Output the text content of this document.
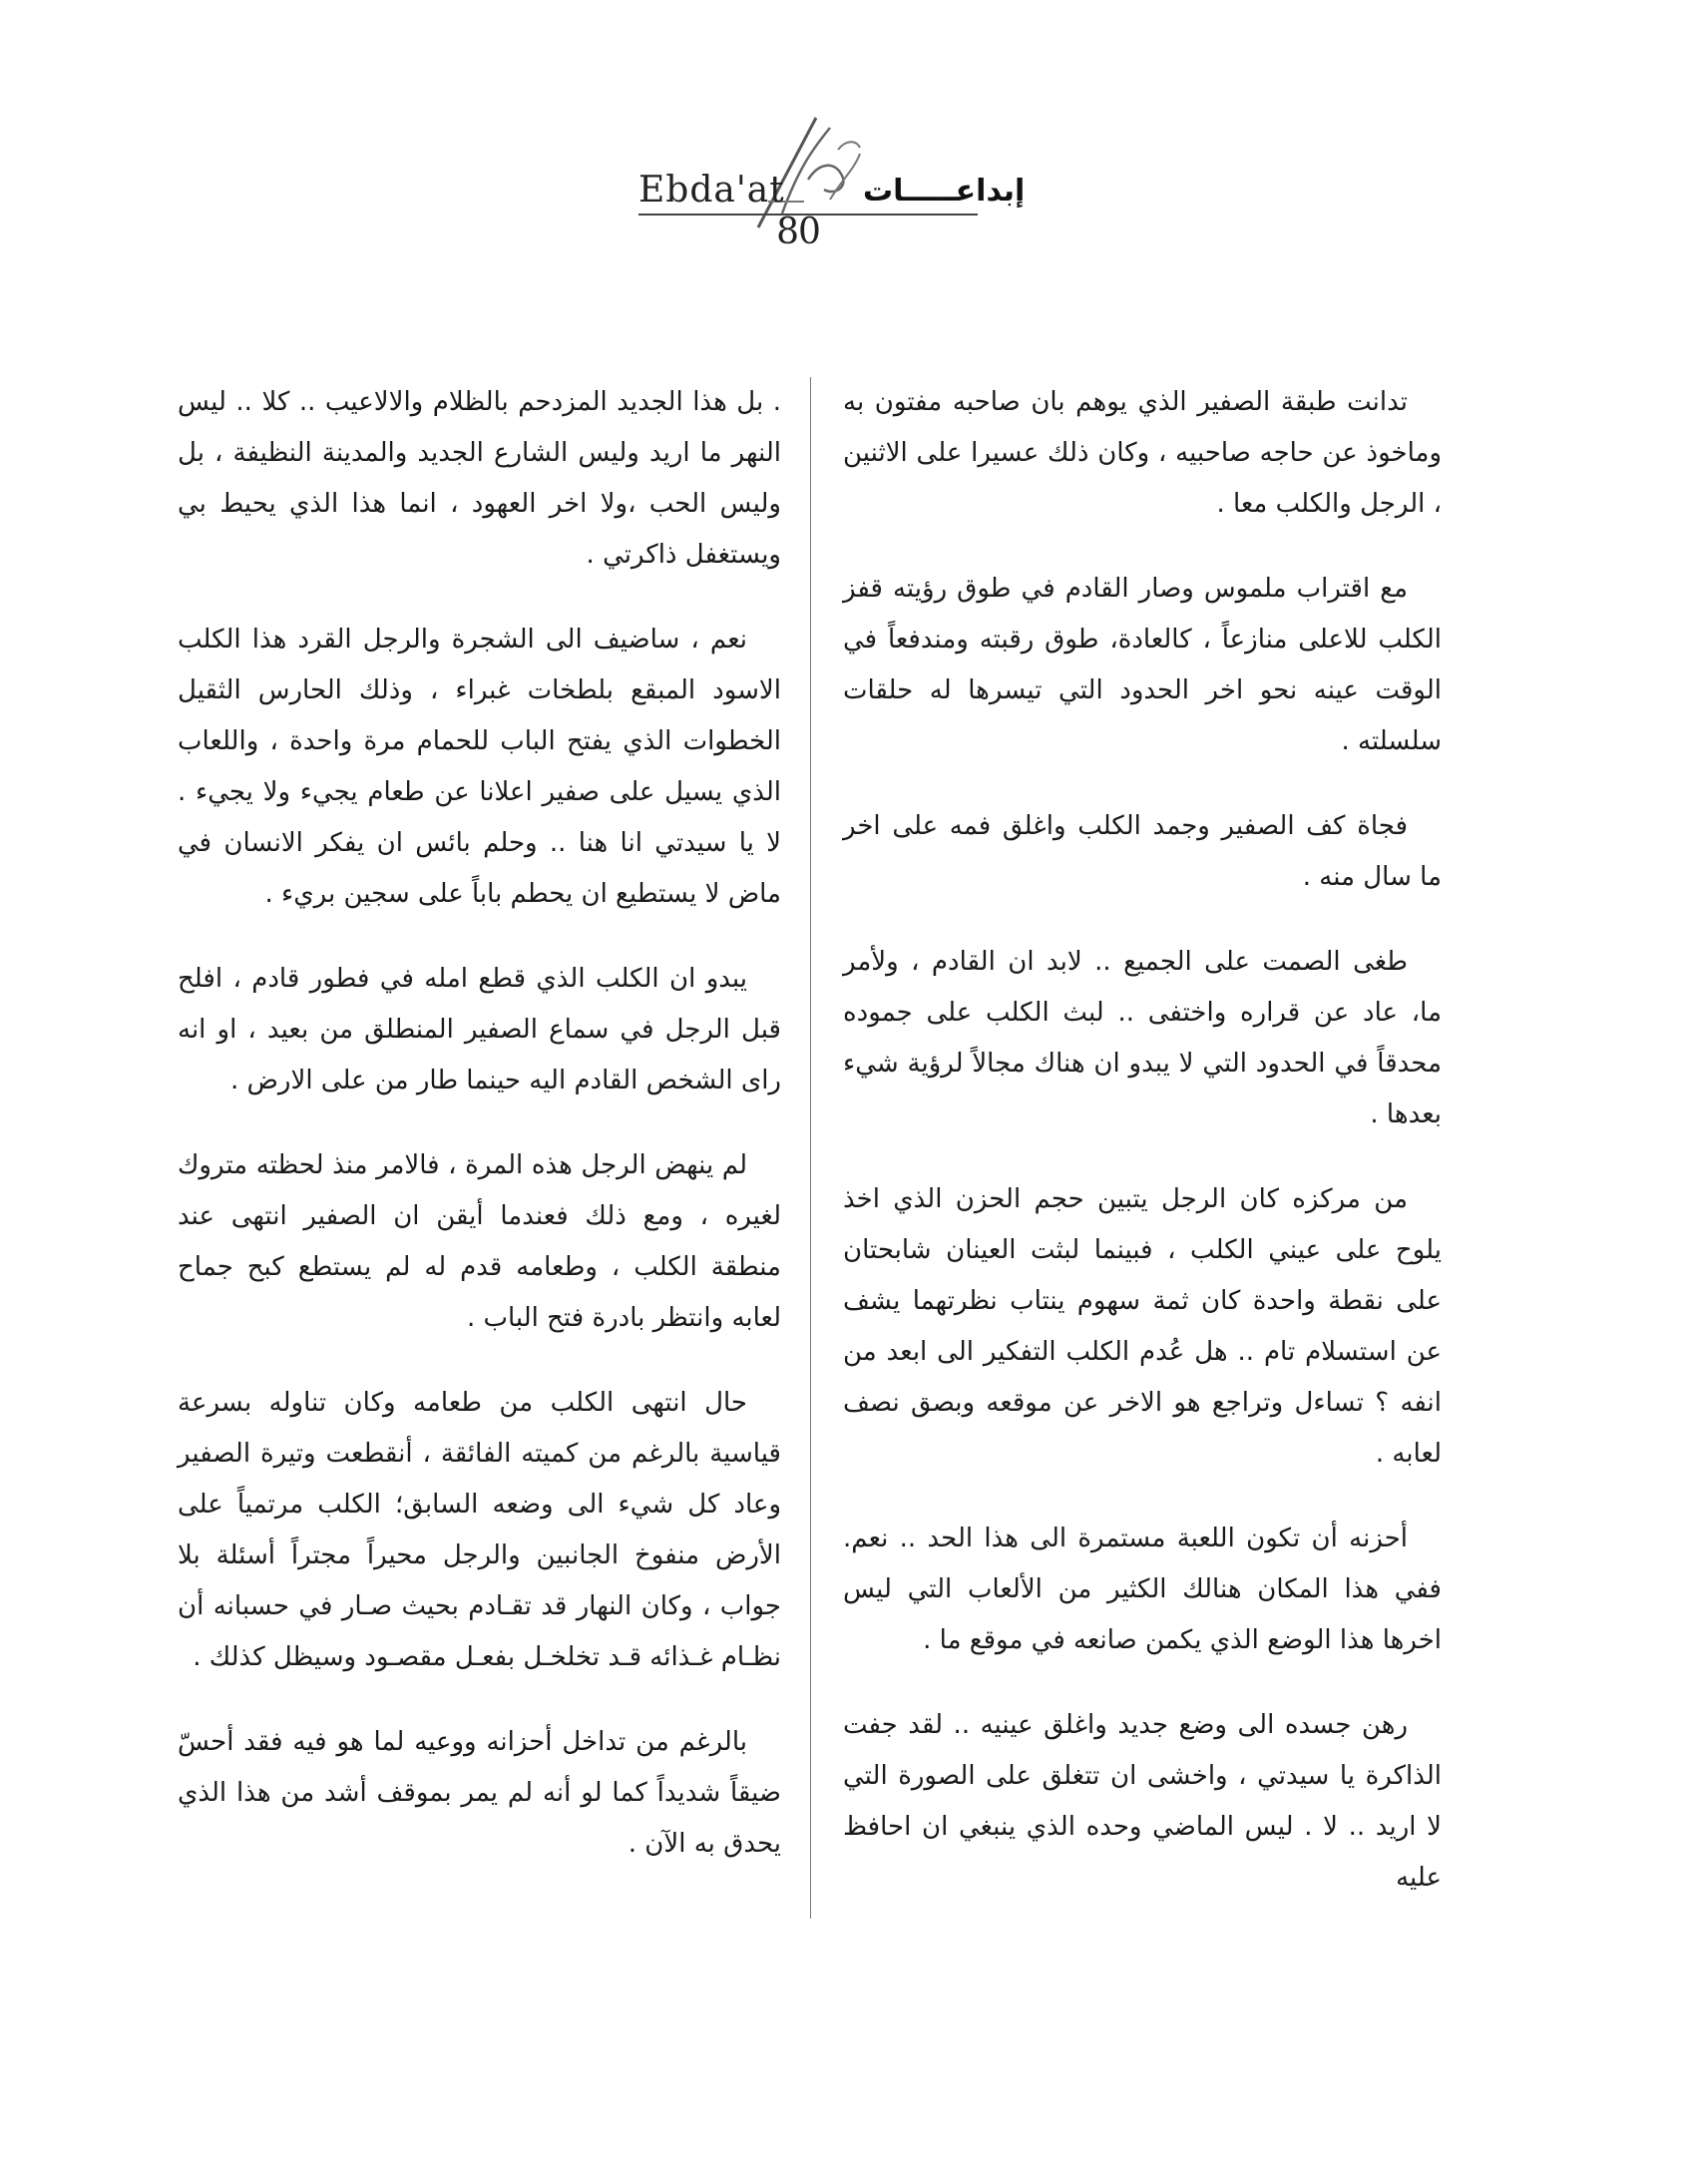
Ebda'at	إبداعـــــات
80

تدانت طبقة الصفير الذي يوهم بان صاحبه مفتون به وماخوذ عن حاجه صاحبيه ، وكان ذلك عسيرا على الاثنين ، الرجل والكلب معا .

مع اقتراب ملموس وصار القادم في طوق رؤيته قفز الكلب للاعلى منازعاً ، كالعادة، طوق رقبته ومندفعاً في الوقت عينه نحو اخر الحدود التي تيسرها له حلقات سلسلته .

فجاة كف الصفير وجمد الكلب واغلق فمه على اخر ما سال منه .

طغى الصمت على الجميع .. لابد ان القادم ، ولأمر ما، عاد عن قراره واختفى .. لبث الكلب على جموده محدقاً في الحدود التي لا يبدو ان هناك مجالاً لرؤية شيء بعدها .

من مركزه كان الرجل يتبين حجم الحزن الذي اخذ يلوح على عيني الكلب ، فبينما لبثت العينان شابحتان على نقطة واحدة كان ثمة سهوم ينتاب نظرتهما يشف عن استسلام تام .. هل عُدم الكلب التفكير الى ابعد من انفه ؟ تساءل وتراجع هو الاخر عن موقعه وبصق نصف لعابه .

أحزنه أن تكون اللعبة مستمرة الى هذا الحد .. نعم. ففي هذا المكان هنالك الكثير من الألعاب التي ليس اخرها هذا الوضع الذي يكمن صانعه في موقع ما .

رهن جسده الى وضع جديد واغلق عينيه .. لقد جفت الذاكرة يا سيدتي ، واخشى ان تتغلق على الصورة التي لا اريد .. لا . ليس الماضي وحده الذي ينبغي ان احافظ عليه

. بل هذا الجديد المزدحم بالظلام والالاعيب .. كلا .. ليس النهر ما اريد وليس الشارع الجديد والمدينة النظيفة ، بل وليس الحب ،ولا اخر العهود ، انما هذا الذي يحيط بي ويستغفل ذاكرتي .

نعم ، ساضيف الى الشجرة والرجل القرد هذا الكلب الاسود المبقع بلطخات غبراء ، وذلك الحارس الثقيل الخطوات الذي يفتح الباب للحمام مرة واحدة ، واللعاب الذي يسيل على صفير اعلانا عن طعام يجيء ولا يجيء . لا يا سيدتي انا هنا .. وحلم بائس ان يفكر الانسان في ماض لا يستطيع ان يحطم باباً على سجين بريء .

يبدو ان الكلب الذي قطع امله في فطور قادم ، افلح قبل الرجل في سماع الصفير المنطلق من بعيد ، او انه راى الشخص القادم اليه حينما طار من على الارض .

لم ينهض الرجل هذه المرة ، فالامر منذ لحظته متروك لغيره ، ومع ذلك فعندما أيقن ان الصفير انتهى عند منطقة الكلب ، وطعامه قدم له لم يستطع كبح جماح لعابه وانتظر بادرة فتح الباب .

حال انتهى الكلب من طعامه وكان تناوله بسرعة قياسية بالرغم من كميته الفائقة ، أنقطعت وتيرة الصفير وعاد كل شيء الى وضعه السابق؛ الكلب مرتمياً على الأرض منفوخ الجانبين والرجل محيراً مجتراً أسئلة بلا جواب ، وكان النهار قد تقـادم بحيث صـار في حسبانه أن نظـام غـذائه قـد تخلخـل بفعـل مقصـود وسيظل كذلك .

بالرغم من تداخل أحزانه ووعيه لما هو فيه فقد أحسّ ضيقاً شديداً كما لو أنه لم يمر بموقف أشد من هذا الذي يحدق به الآن .
